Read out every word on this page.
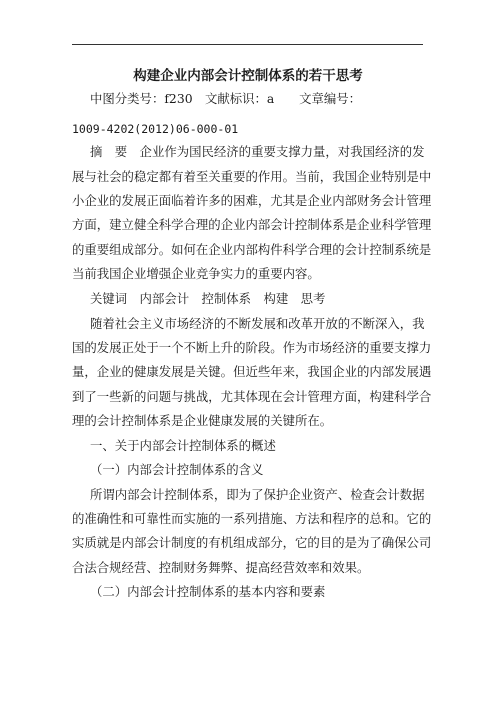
构建企业内部会计控制体系的若干思考
中图分类号：f230　文献标识：a　　文章编号：
1009-4202(2012)06-000-01
摘　要　企业作为国民经济的重要支撑力量，对我国经济的发
展与社会的稳定都有着至关重要的作用。当前，我国企业特别是中
小企业的发展正面临着许多的困难，尤其是企业内部财务会计管理
方面，建立健全科学合理的企业内部会计控制体系是企业科学管理
的重要组成部分。如何在企业内部构件科学合理的会计控制系统是
当前我国企业增强企业竞争实力的重要内容。
关键词　内部会计　控制体系　构建　思考
随着社会主义市场经济的不断发展和改革开放的不断深入，我
国的发展正处于一个不断上升的阶段。作为市场经济的重要支撑力
量，企业的健康发展是关键。但近些年来，我国企业的内部发展遇
到了一些新的问题与挑战，尤其体现在会计管理方面，构建科学合
理的会计控制体系是企业健康发展的关键所在。
一、关于内部会计控制体系的概述
（一）内部会计控制体系的含义
所谓内部会计控制体系，即为了保护企业资产、检查会计数据
的准确性和可靠性而实施的一系列措施、方法和程序的总和。它的
实质就是内部会计制度的有机组成部分，它的目的是为了确保公司
合法合规经营、控制财务舞弊、提高经营效率和效果。
（二）内部会计控制体系的基本内容和要素
